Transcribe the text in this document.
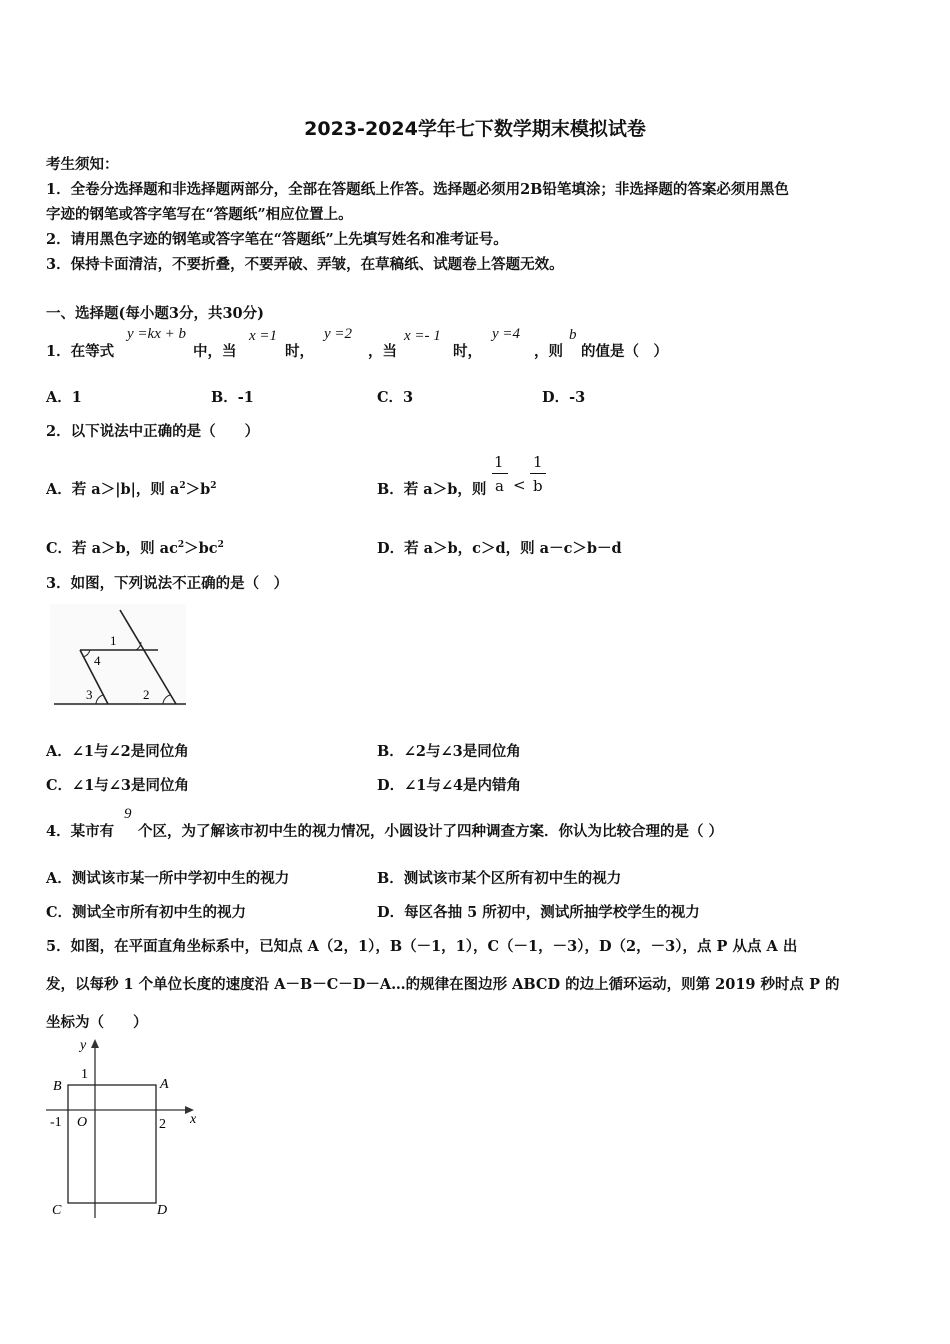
2023-2024学年七下数学期末模拟试卷
考生须知：
1．全卷分选择题和非选择题两部分，全部在答题纸上作答。选择题必须用2B铅笔填涂；非选择题的答案必须用黑色
字迹的钢笔或答字笔写在“答题纸”相应位置上。
2．请用黑色字迹的钢笔或答字笔在“答题纸”上先填写姓名和准考证号。
3．保持卡面清洁，不要折叠，不要弄破、弄皱，在草稿纸、试题卷上答题无效。
一、选择题(每小题3分，共30分)
1．在等式
y =kx + b
中，当
x =1
时，
y =2
，当
x =- 1
时，
y =4
，则
b
的值是（　）
A．1	B．-1	C．3	D．-3
2．以下说法中正确的是（　　）
A．若 a＞|b|，则 $a^2>b^2$	B．若 a＞b，则
1
a <
1
b
C．若 a＞b，则 $ac^2>bc^2$	D．若 a＞b，c＞d，则 a－c＞b－d
3．如图，下列说法不正确的是（　）
1
4
3	2
A．∠1与∠2是同位角	B．∠2与∠3是同位角
C．∠1与∠3是同位角	D．∠1与∠4是内错角
4．某市有
9
个区，为了解该市初中生的视力情况，小圆设计了四种调查方案．你认为比较合理的是（ ）
A．测试该市某一所中学初中生的视力	B．测试该市某个区所有初中生的视力
C．测试全市所有初中生的视力	D．每区各抽 5 所初中，测试所抽学校学生的视力
5．如图，在平面直角坐标系中，已知点 A（2，1），B（－1，1），C（－1，－3），D（2，－3），点 P 从点 A 出
发，以每秒 1 个单位长度的速度沿 A－B－C－D－A…的规律在图边形 ABCD 的边上循环运动，则第 2019 秒时点 P 的
坐标为（　　）
y
x
1
B	A
-1 O	2
C	D
